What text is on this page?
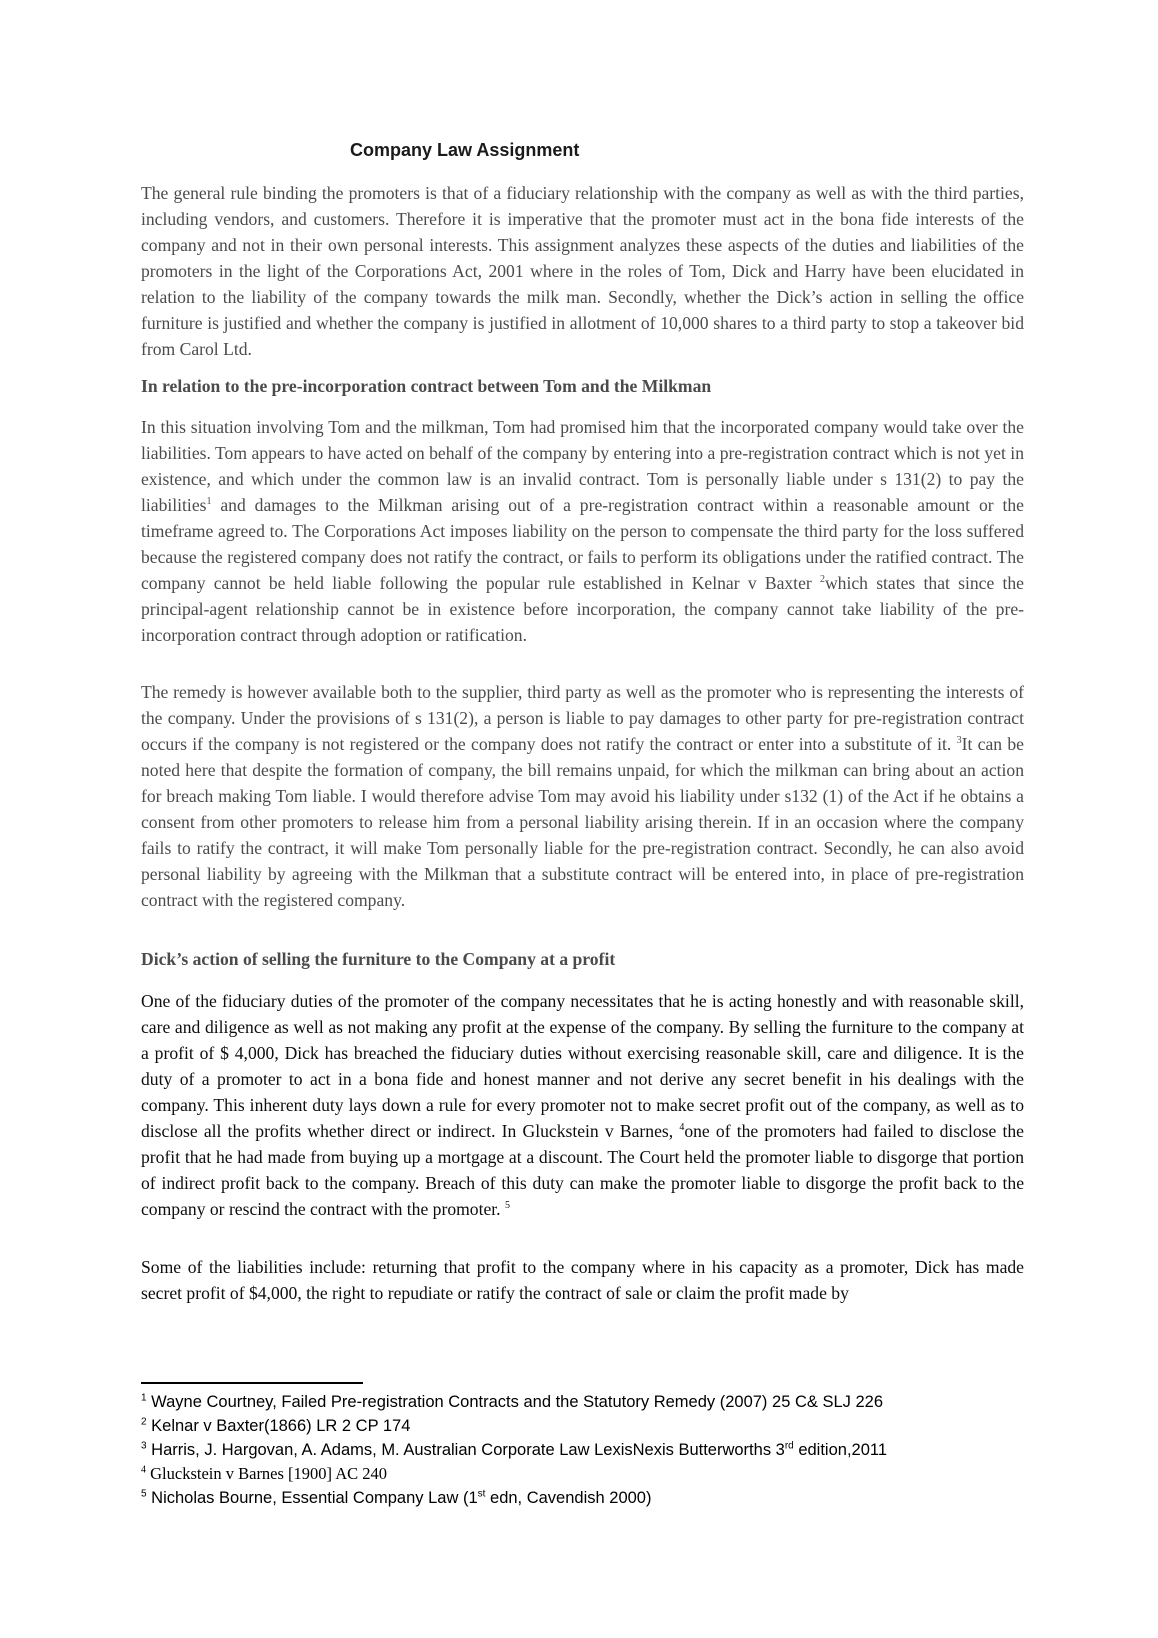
Company Law Assignment

The general rule binding the promoters is that of a fiduciary relationship with the company as well as with the third parties, including vendors, and customers. Therefore it is imperative that the promoter must act in the bona fide interests of the company and not in their own personal interests. This assignment analyzes these aspects of the duties and liabilities of the promoters in the light of the Corporations Act, 2001 where in the roles of Tom, Dick and Harry have been elucidated in relation to the liability of the company towards the milk man. Secondly, whether the Dick’s action in selling the office furniture is justified and whether the company is justified in allotment of 10,000 shares to a third party to stop a takeover bid from Carol Ltd.

In relation to the pre-incorporation contract between Tom and the Milkman

In this situation involving Tom and the milkman, Tom had promised him that the incorporated company would take over the liabilities. Tom appears to have acted on behalf of the company by entering into a pre-registration contract which is not yet in existence, and which under the common law is an invalid contract. Tom is personally liable under s 131(2) to pay the liabilities$^1$ and damages to the Milkman arising out of a pre-registration contract within a reasonable amount or the timeframe agreed to. The Corporations Act imposes liability on the person to compensate the third party for the loss suffered because the registered company does not ratify the contract, or fails to perform its obligations under the ratified contract. The company cannot be held liable following the popular rule established in Kelnar v Baxter $^2$which states that since the principal-agent relationship cannot be in existence before incorporation, the company cannot take liability of the pre-incorporation contract through adoption or ratification.

The remedy is however available both to the supplier, third party as well as the promoter who is representing the interests of the company. Under the provisions of s 131(2), a person is liable to pay damages to other party for pre-registration contract occurs if the company is not registered or the company does not ratify the contract or enter into a substitute of it. $^3$It can be noted here that despite the formation of company, the bill remains unpaid, for which the milkman can bring about an action for breach making Tom liable. I would therefore advise Tom may avoid his liability under s132 (1) of the Act if he obtains a consent from other promoters to release him from a personal liability arising therein. If in an occasion where the company fails to ratify the contract, it will make Tom personally liable for the pre-registration contract. Secondly, he can also avoid personal liability by agreeing with the Milkman that a substitute contract will be entered into, in place of pre-registration contract with the registered company.

Dick’s action of selling the furniture to the Company at a profit

One of the fiduciary duties of the promoter of the company necessitates that he is acting honestly and with reasonable skill, care and diligence as well as not making any profit at the expense of the company. By selling the furniture to the company at a profit of $ 4,000, Dick has breached the fiduciary duties without exercising reasonable skill, care and diligence. It is the duty of a promoter to act in a bona fide and honest manner and not derive any secret benefit in his dealings with the company. This inherent duty lays down a rule for every promoter not to make secret profit out of the company, as well as to disclose all the profits whether direct or indirect. In Gluckstein v Barnes, $^4$one of the promoters had failed to disclose the profit that he had made from buying up a mortgage at a discount. The Court held the promoter liable to disgorge that portion of indirect profit back to the company. Breach of this duty can make the promoter liable to disgorge the profit back to the company or rescind the contract with the promoter. $^5$

Some of the liabilities include: returning that profit to the company where in his capacity as a promoter, Dick has made secret profit of $4,000, the right to repudiate or ratify the contract of sale or claim the profit made by

$^1$ Wayne Courtney, Failed Pre-registration Contracts and the Statutory Remedy (2007) 25 C& SLJ 226
$^2$ Kelnar v Baxter(1866) LR 2 CP 174
$^3$ Harris, J. Hargovan, A. Adams, M. Australian Corporate Law LexisNexis Butterworths 3rd edition,2011
$^4$ Gluckstein v Barnes [1900] AC 240
$^5$ Nicholas Bourne, Essential Company Law (1st edn, Cavendish 2000)
